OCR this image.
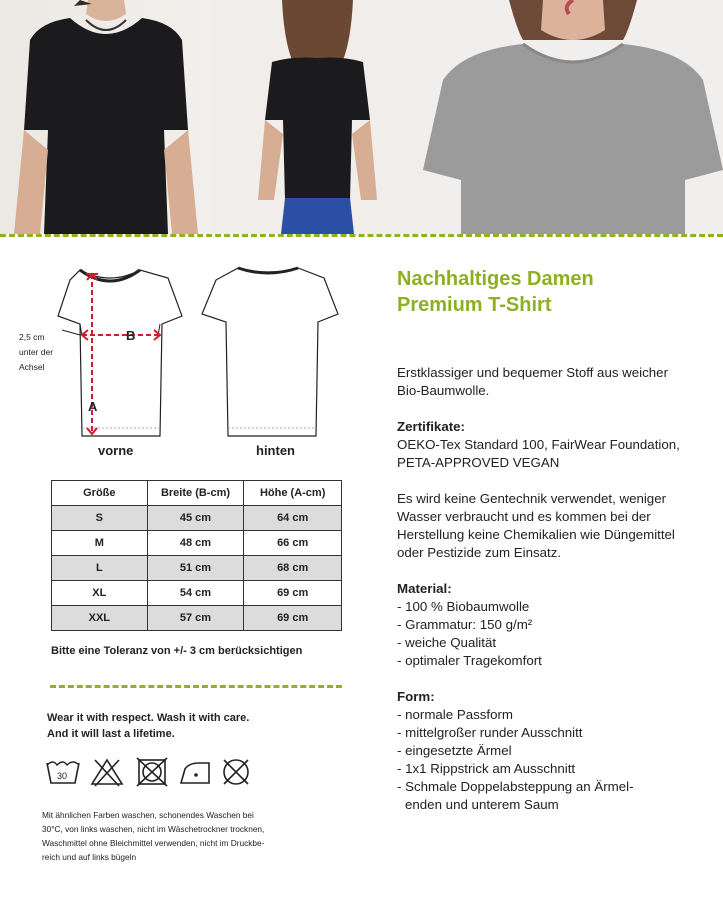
B
A
2,5 cm
unter der
Achsel
vorne	hinten
Größe	Breite (B-cm)	Höhe (A-cm)
S	45 cm	64 cm
M	48 cm	66 cm
L	51 cm	68 cm
XL	54 cm	69 cm
XXL	57 cm	69 cm
Bitte eine Toleranz von +/- 3 cm berücksichtigen
Wear it with respect. Wash it with care.
And it will last a lifetime.
30
Mit ähnlichen Farben waschen, schonendes Waschen bei
30°C, von links waschen, nicht im Wäschetrockner trocknen,
Waschmittel ohne Bleichmittel verwenden, nicht im Druckbe-
reich und auf links bügeln
Nachhaltiges Damen
Premium T-Shirt
Erstklassiger und bequemer Stoff aus weicher
Bio-Baumwolle.
Zertifikate:
OEKO-Tex Standard 100, FairWear Foundation,
PETA-APPROVED VEGAN
Es wird keine Gentechnik verwendet, weniger
Wasser verbraucht und es kommen bei der
Herstellung keine Chemikalien wie Düngemittel
oder Pestizide zum Einsatz.
Material:
- 100 % Biobaumwolle
- Grammatur: 150 g/m²
- weiche Qualität
- optimaler Tragekomfort
Form:
- normale Passform
- mittelgroßer runder Ausschnitt
- eingesetzte Ärmel
- 1x1 Rippstrick am Ausschnitt
- Schmale Doppelabsteppung an Ärmel-
enden und unterem Saum
